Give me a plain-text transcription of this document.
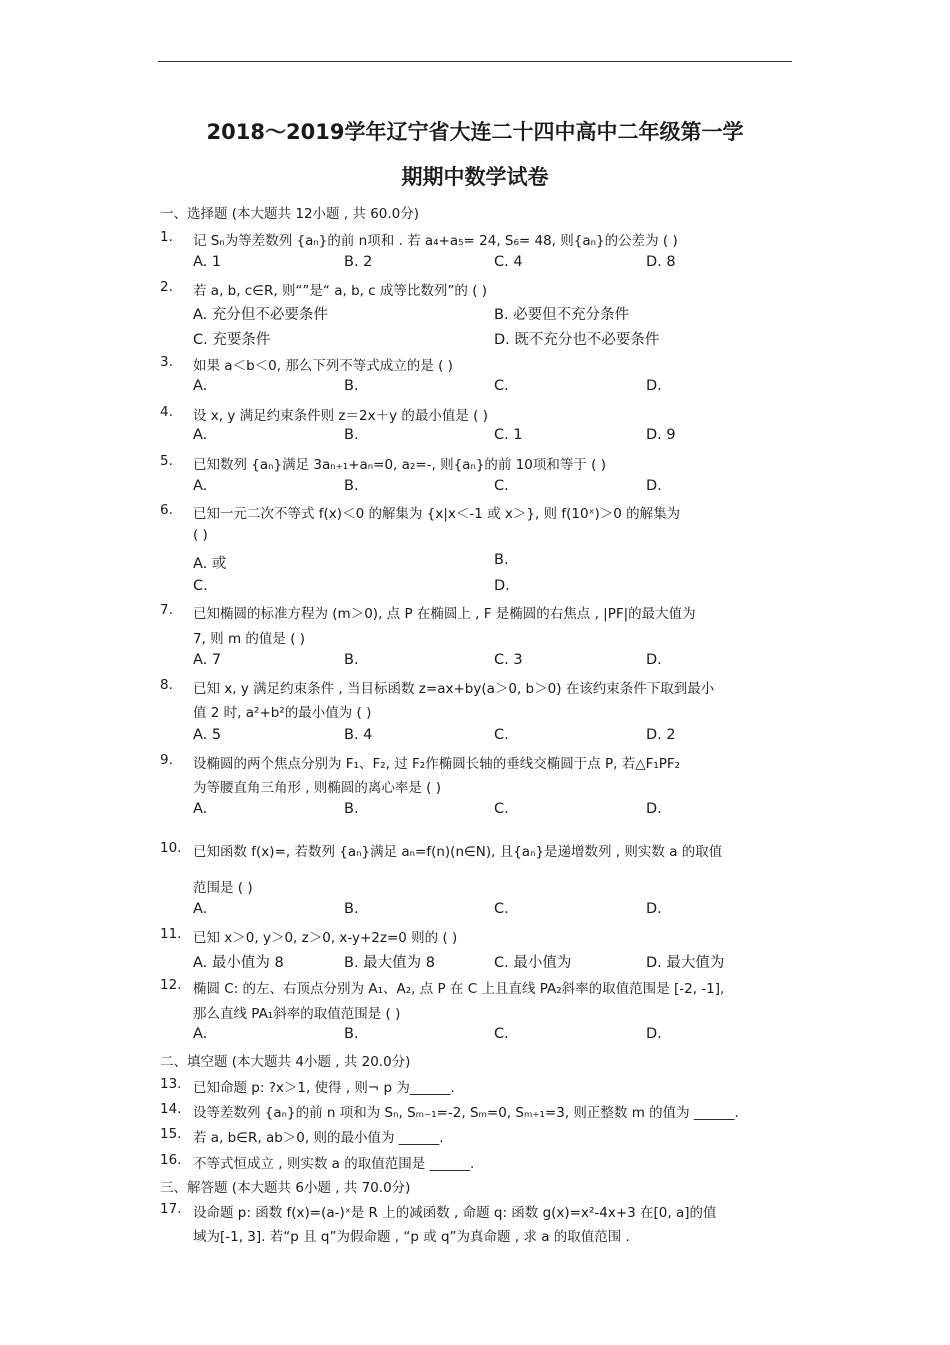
2018～2019学年辽宁省大连二十四中高中二年级第一学
期期中数学试卷
一、选择题 (本大题共 12小题 , 共 60.0分)
1. 记 Sₙ为等差数列 {aₙ}的前 n项和 . 若 a₄+a₅= 24, S₆= 48, 则{aₙ}的公差为 ( )
A. 1	B. 2	C. 4	D. 8
2. 若 a, b, c∈R, 则“”是“ a, b, c 成等比数列”的 ( )
A. 充分但不必要条件	B. 必要但不充分条件
C. 充要条件	D. 既不充分也不必要条件
3. 如果 a＜b＜0, 那么下列不等式成立的是 ( )
A.	B.	C.	D.
4. 设 x, y 满足约束条件则 z＝2x＋y 的最小值是 ( )
A.	B.	C. 1	D. 9
5. 已知数列 {aₙ}满足 3aₙ₊₁+aₙ=0, a₂=-, 则{aₙ}的前 10项和等于 ( )
A.	B.	C.	D.
6. 已知一元二次不等式 f(x)＜0 的解集为 {x|x＜-1 或 x＞}, 则 f(10ˣ)＞0 的解集为
( )
A. 或	B.
C.	D.
7. 已知椭圆的标准方程为 (m＞0), 点 P 在椭圆上 , F 是椭圆的右焦点 , |PF|的最大值为
7, 则 m 的值是 ( )
A. 7	B.	C. 3	D.
8. 已知 x, y 满足约束条件 , 当目标函数 z=ax+by(a＞0, b＞0) 在该约束条件下取到最小
值 2 时, a²+b²的最小值为 ( )
A. 5	B. 4	C.	D. 2
9. 设椭圆的两个焦点分别为 F₁、F₂, 过 F₂作椭圆长轴的垂线交椭圆于点 P, 若△F₁PF₂
为等腰直角三角形 , 则椭圆的离心率是 ( )
A.	B.	C.	D.
10. 已知函数 f(x)=, 若数列 {aₙ}满足 aₙ=f(n)(n∈N), 且{aₙ}是递增数列 , 则实数 a 的取值
范围是 ( )
A.	B.	C.	D.
11. 已知 x＞0, y＞0, z＞0, x-y+2z=0 则的 ( )
A. 最小值为 8	B. 最大值为 8	C. 最小值为	D. 最大值为
12. 椭圆 C: 的左、右顶点分别为 A₁、A₂, 点 P 在 C 上且直线 PA₂斜率的取值范围是 [-2, -1],
那么直线 PA₁斜率的取值范围是 ( )
A.	B.	C.	D.
二、填空题 (本大题共 4小题 , 共 20.0分)
13. 已知命题 p: ?x＞1, 使得 , 则¬ p 为______.
14. 设等差数列 {aₙ}的前 n 项和为 Sₙ, Sₘ₋₁=-2, Sₘ=0, Sₘ₊₁=3, 则正整数 m 的值为 ______.
15. 若 a, b∈R, ab＞0, 则的最小值为 ______.
16. 不等式恒成立 , 则实数 a 的取值范围是 ______.
三、解答题 (本大题共 6小题 , 共 70.0分)
17. 设命题 p: 函数 f(x)=(a-)ˣ是 R 上的减函数 , 命题 q: 函数 g(x)=x²-4x+3 在[0, a]的值
域为[-1, 3]. 若“p 且 q”为假命题 , “p 或 q”为真命题 , 求 a 的取值范围 .
